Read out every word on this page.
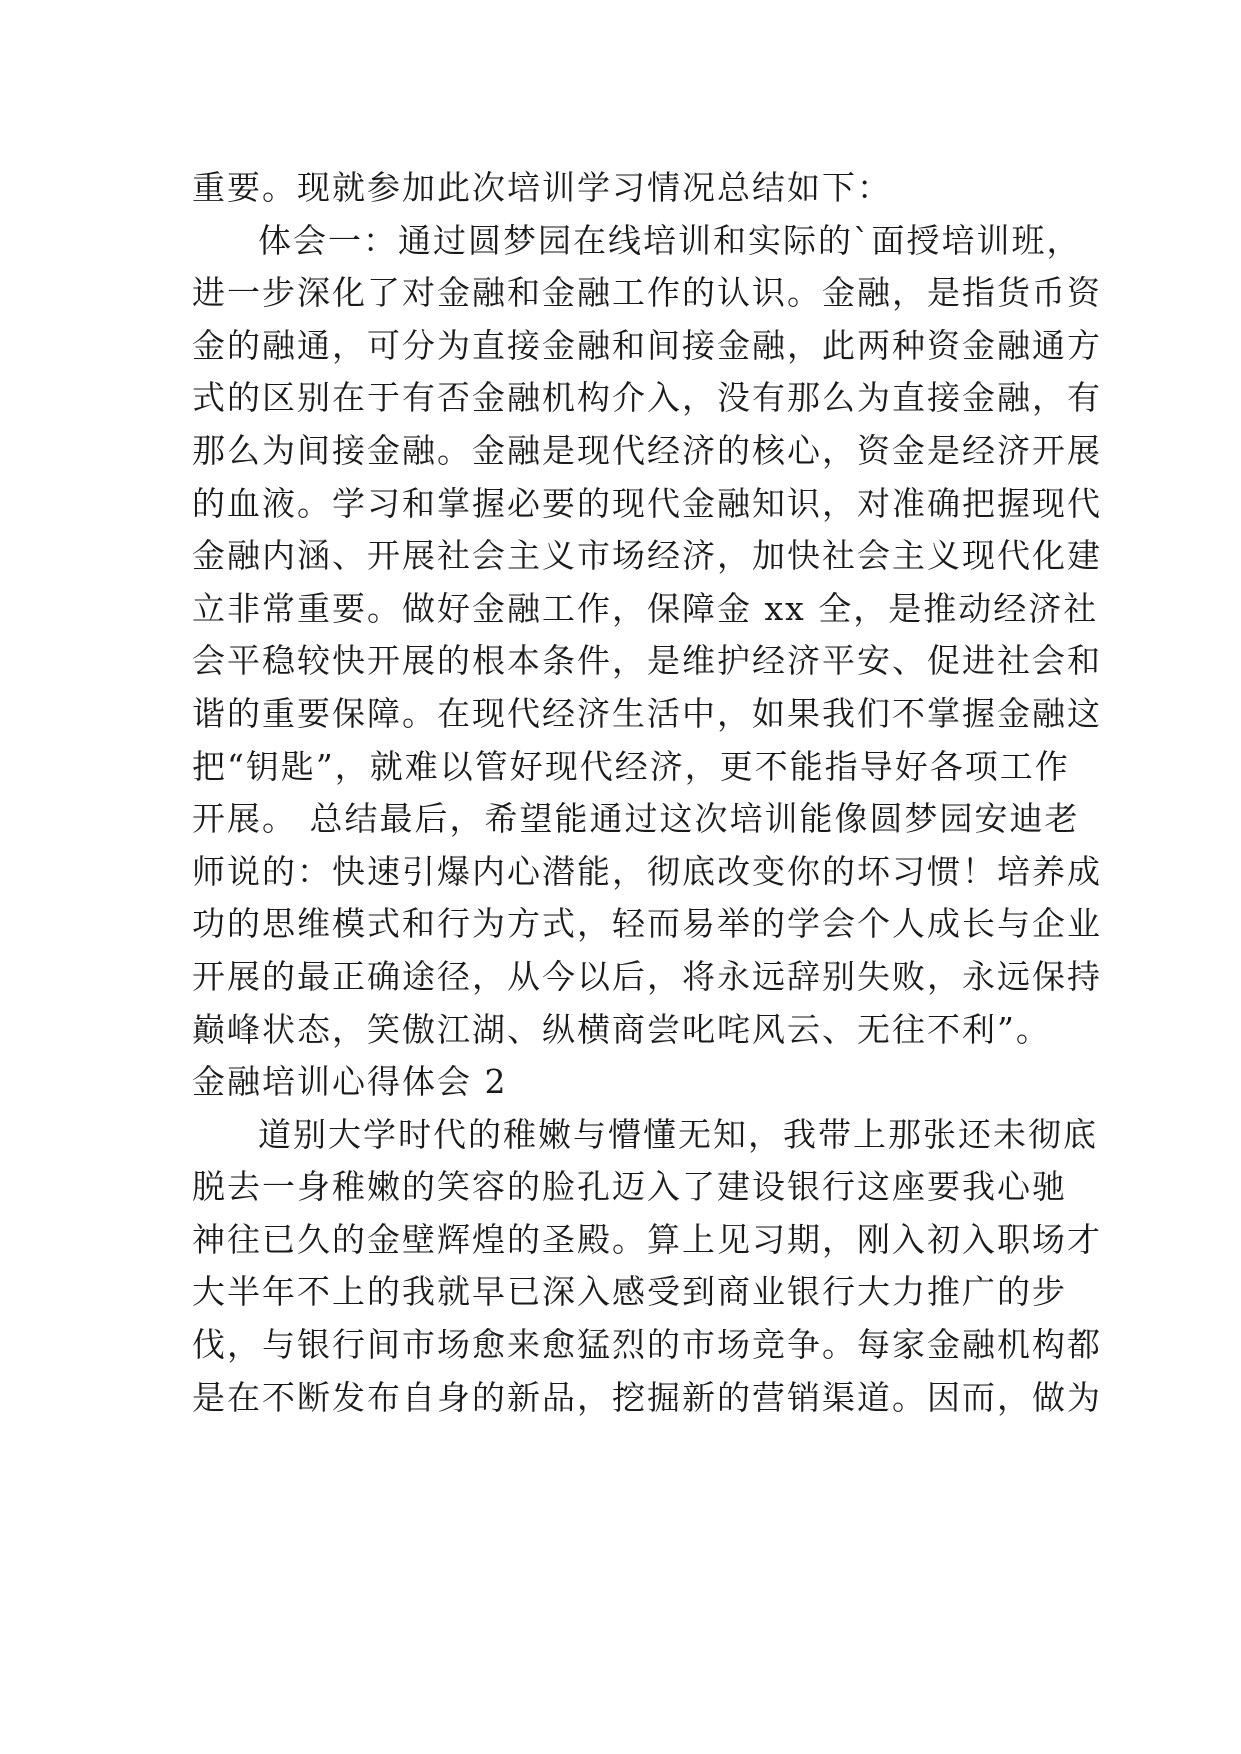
重要。现就参加此次培训学习情况总结如下：
体会一：通过圆梦园在线培训和实际的`面授培训班，
进一步深化了对金融和金融工作的认识。金融，是指货币资
金的融通，可分为直接金融和间接金融，此两种资金融通方
式的区别在于有否金融机构介入，没有那么为直接金融，有
那么为间接金融。金融是现代经济的核心，资金是经济开展
的血液。学习和掌握必要的现代金融知识，对准确把握现代
金融内涵、开展社会主义市场经济，加快社会主义现代化建
立非常重要。做好金融工作，保障金 xx 全，是推动经济社
会平稳较快开展的根本条件，是维护经济平安、促进社会和
谐的重要保障。在现代经济生活中，如果我们不掌握金融这
把“钥匙”，就难以管好现代经济，更不能指导好各项工作
开展。 总结最后，希望能通过这次培训能像圆梦园安迪老
师说的：快速引爆内心潜能，彻底改变你的坏习惯！培养成
功的思维模式和行为方式，轻而易举的学会个人成长与企业
开展的最正确途径，从今以后，将永远辞别失败，永远保持
巅峰状态，笑傲江湖、纵横商尝叱咤风云、无往不利”。
金融培训心得体会 2
道别大学时代的稚嫩与懵懂无知，我带上那张还未彻底
脱去一身稚嫩的笑容的脸孔迈入了建设银行这座要我心驰
神往已久的金壁辉煌的圣殿。算上见习期，刚入初入职场才
大半年不上的我就早已深入感受到商业银行大力推广的步
伐，与银行间市场愈来愈猛烈的市场竞争。每家金融机构都
是在不断发布自身的新品，挖掘新的营销渠道。因而，做为
